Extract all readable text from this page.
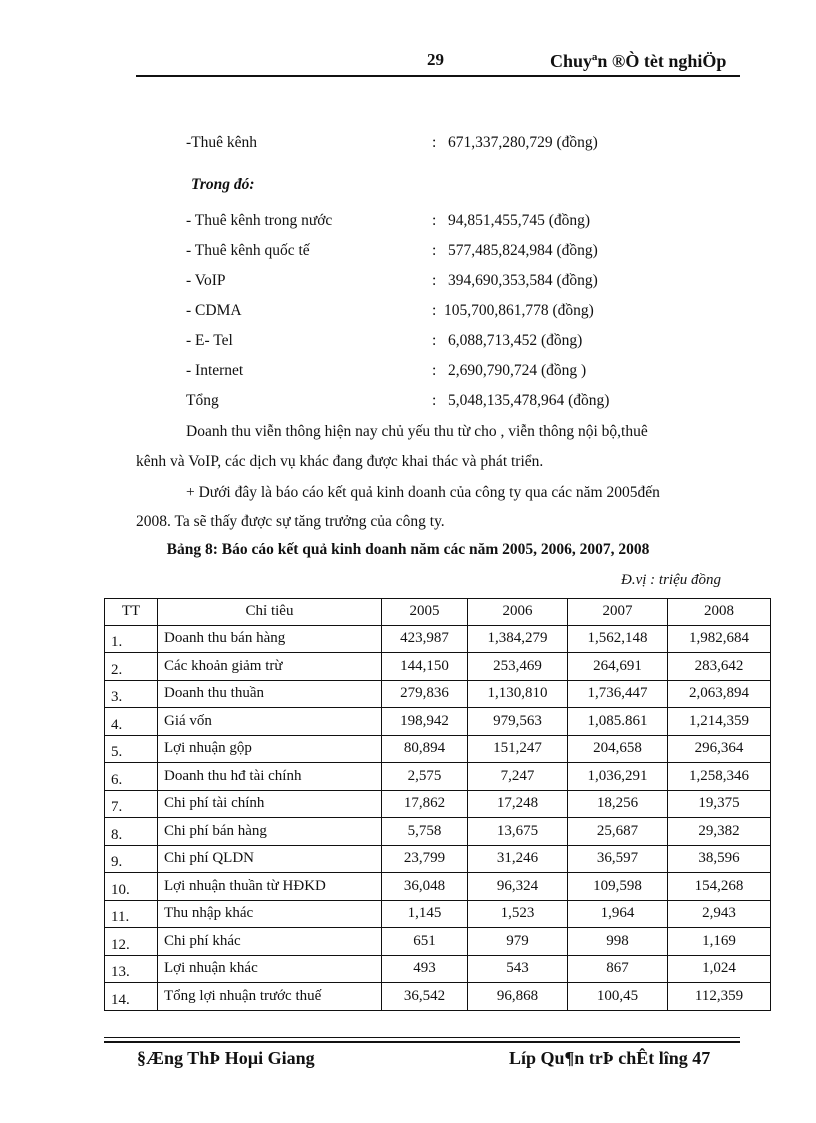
29	Chuyªn ®Ò tèt nghiÖp
-Thuê kênh	: 671,337,280,729 (đồng)
- Thuê kênh trong nước	: 94,851,455,745 (đồng)
- Thuê kênh quốc tế	: 577,485,824,984 (đồng)
- VoIP	: 394,690,353,584 (đồng)
- CDMA	: 105,700,861,778 (đồng)
- E- Tel	: 6,088,713,452 (đồng)
- Internet	: 2,690,790,724 (đồng )
Tổng	: 5,048,135,478,964 (đồng)
Trong đó:
Doanh thu viễn thông hiện nay chủ yếu thu từ cho , viễn thông nội bộ,thuê
kênh và VoIP, các dịch vụ khác đang được khai thác và phát triển.
+ Dưới đây là báo cáo kết quả kinh doanh của công ty qua các năm 2005đến
2008. Ta sẽ thấy được sự tăng trưởng của công ty.
Bảng 8: Báo cáo kết quả kinh doanh năm các năm 2005, 2006, 2007, 2008
Đ.vị : triệu đồng
TT	Chỉ tiêu	2005	2006	2007	2008
1.	Doanh thu bán hàng	423,987	1,384,279	1,562,148	1,982,684
2.	Các khoản giảm trừ	144,150	253,469	264,691	283,642
3.	Doanh thu thuần	279,836	1,130,810	1,736,447	2,063,894
4.	Giá vốn	198,942	979,563	1,085.861	1,214,359
5.	Lợi nhuận gộp	80,894	151,247	204,658	296,364
6.	Doanh thu hđ tài chính	2,575	7,247	1,036,291	1,258,346
7.	Chi phí tài chính	17,862	17,248	18,256	19,375
8.	Chi phí bán hàng	5,758	13,675	25,687	29,382
9.	Chi phí QLDN	23,799	31,246	36,597	38,596
10.	Lợi nhuận thuần từ HĐKD	36,048	96,324	109,598	154,268
11.	Thu nhập khác	1,145	1,523	1,964	2,943
12.	Chi phí khác	651	979	998	1,169
13.	Lợi nhuận khác	493	543	867	1,024
14.	Tổng lợi nhuận trước thuế	36,542	96,868	100,45	112,359
§Æng ThÞ Hoµi Giang	Líp Qu¶n trÞ chÊt lîng 47
